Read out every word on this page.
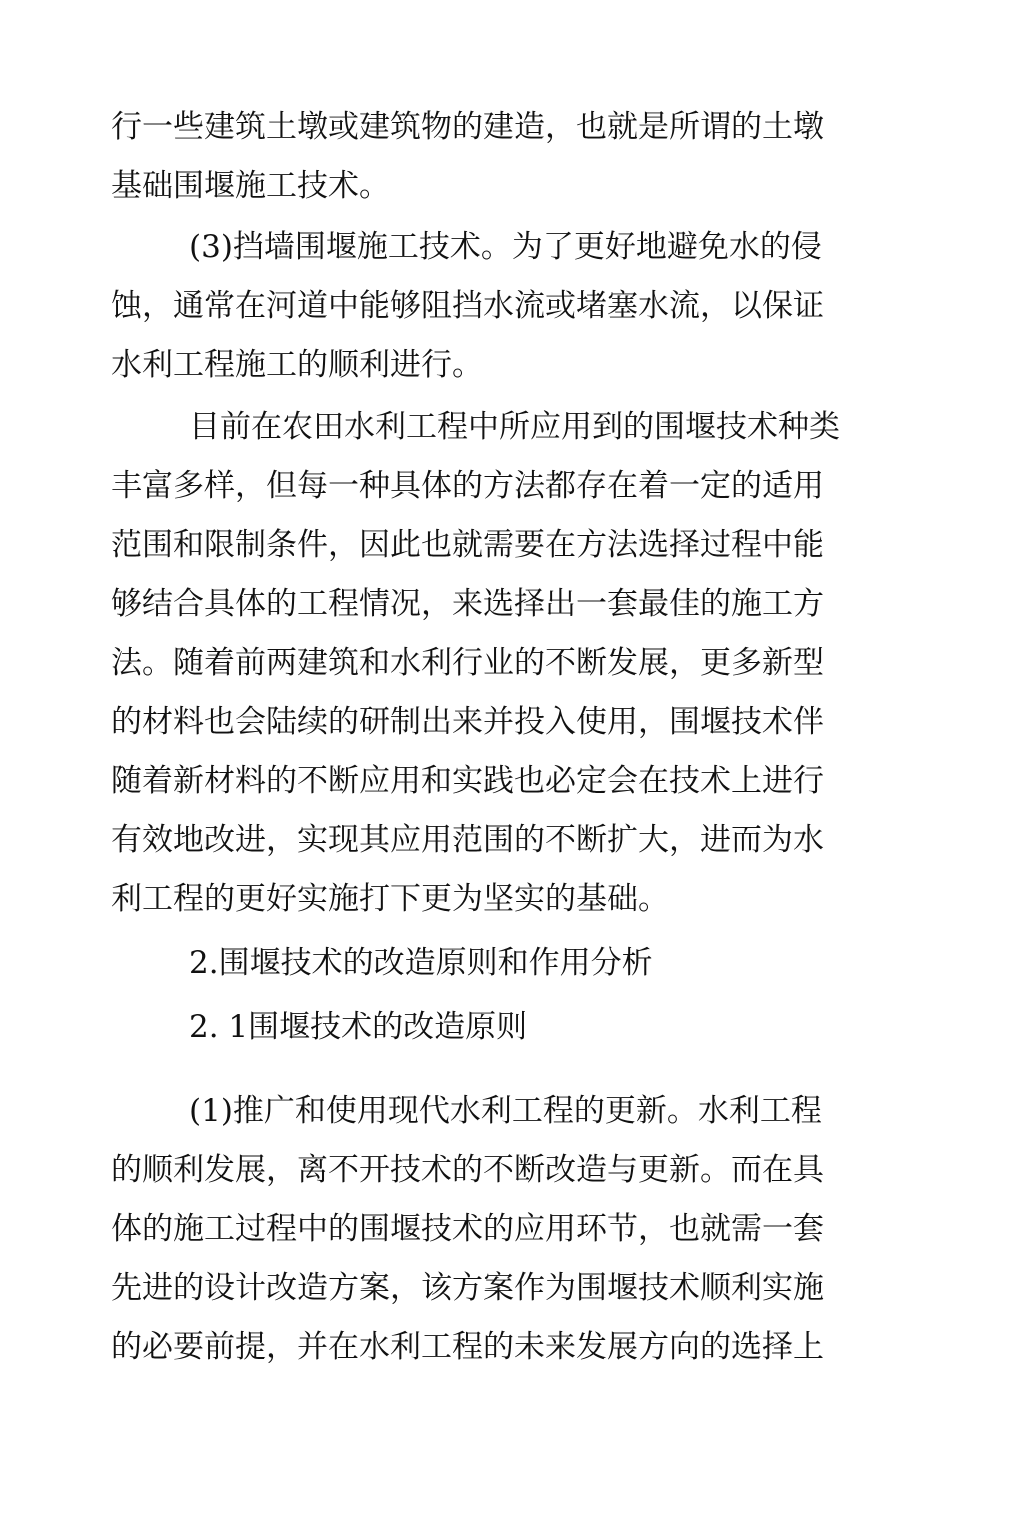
行一些建筑土墩或建筑物的建造，也就是所谓的土墩
基础围堰施工技术。
(3)挡墙围堰施工技术。为了更好地避免水的侵
蚀，通常在河道中能够阻挡水流或堵塞水流，以保证
水利工程施工的顺利进行。
目前在农田水利工程中所应用到的围堰技术种类
丰富多样，但每一种具体的方法都存在着一定的适用
范围和限制条件，因此也就需要在方法选择过程中能
够结合具体的工程情况，来选择出一套最佳的施工方
法。随着前两建筑和水利行业的不断发展，更多新型
的材料也会陆续的研制出来并投入使用，围堰技术伴
随着新材料的不断应用和实践也必定会在技术上进行
有效地改进，实现其应用范围的不断扩大，进而为水
利工程的更好实施打下更为坚实的基础。
2.围堰技术的改造原则和作用分析
2. 1围堰技术的改造原则
(1)推广和使用现代水利工程的更新。水利工程
的顺利发展，离不开技术的不断改造与更新。而在具
体的施工过程中的围堰技术的应用环节，也就需一套
先进的设计改造方案，该方案作为围堰技术顺利实施
的必要前提，并在水利工程的未来发展方向的选择上
